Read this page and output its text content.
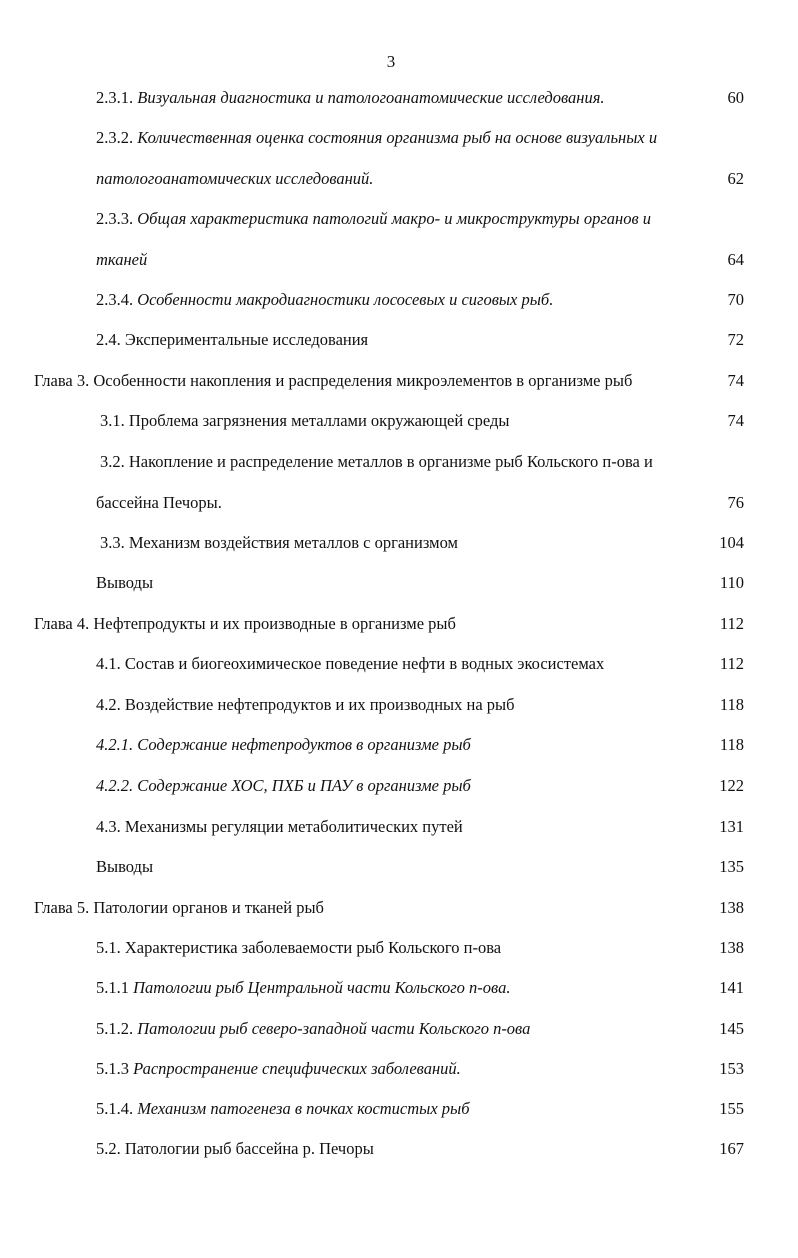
3
2.3.1. Визуальная диагностика и патологоанатомические исследования.	60
2.3.2. Количественная оценка состояния организма рыб на основе визуальных и
патологоанатомических исследований.	62
2.3.3. Общая характеристика патологий макро- и микроструктуры органов и
тканей	64
2.3.4. Особенности макродиагностики лососевых и сиговых рыб.	70
2.4. Экспериментальные исследования	72
Глава 3. Особенности накопления и распределения микроэлементов в организме рыб	74
3.1. Проблема загрязнения металлами окружающей среды	74
3.2. Накопление и распределение металлов в организме рыб Кольского п-ова и
бассейна Печоры.	76
3.3. Механизм воздействия металлов с организмом	104
Выводы	110
Глава 4. Нефтепродукты и их производные в организме рыб	112
4.1. Состав и биогеохимическое поведение нефти в водных экосистемах	112
4.2. Воздействие нефтепродуктов и их производных на рыб	118
4.2.1. Содержание нефтепродуктов в организме рыб	118
4.2.2. Содержание ХОС, ПХБ и ПАУ в организме рыб	122
4.3. Механизмы регуляции метаболитических путей	131
Выводы	135
Глава 5. Патологии органов и тканей рыб	138
5.1. Характеристика заболеваемости рыб Кольского п-ова	138
5.1.1 Патологии рыб Центральной части Кольского п-ова.	141
5.1.2. Патологии рыб северо-западной части Кольского п-ова	145
5.1.3 Распространение специфических заболеваний.	153
5.1.4. Механизм патогенеза в почках костистых рыб	155
5.2. Патологии рыб бассейна р. Печоры	167
